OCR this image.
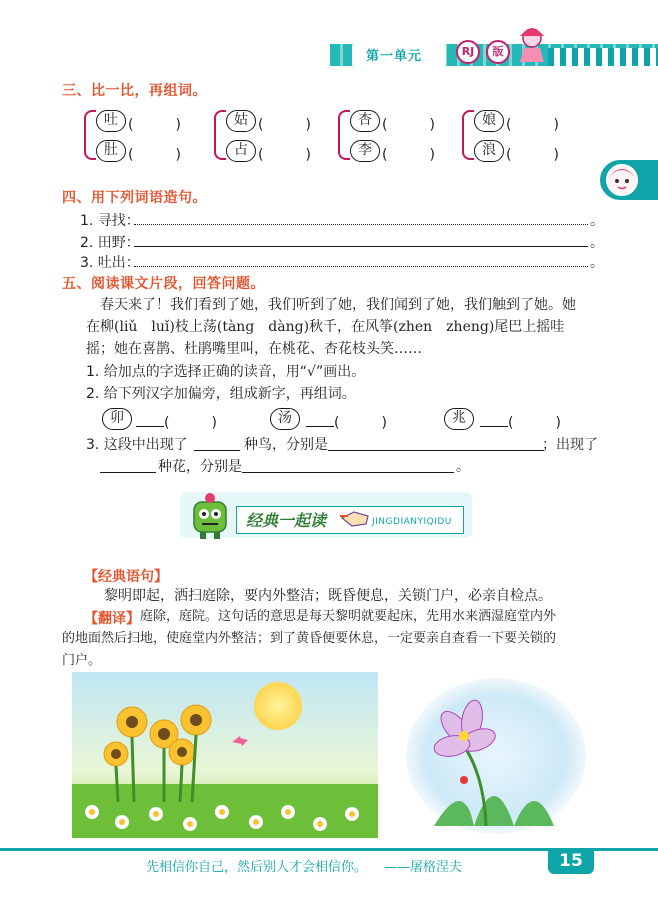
第一单元	RJ	版
三、比一比，再组词。
吐 (　　　)
肚 (　　　)
姑 (　　　)
占 (　　　)
杏 (　　　)
李 (　　　)
娘 (　　　)
浪 (　　　)
四、用下列词语造句。
1. 寻找：	。
2. 田野：	。
3. 吐出：	。
五、阅读课文片段，回答问题。
春天来了！我们看到了她，我们听到了她，我们闻到了她，我们触到了她。她
在柳(liǔ　luǐ)枝上荡(tàng　dàng)秋千，在风筝(zhen　zheng)尾巴上摇哇
摇；她在喜鹊、杜鹃嘴里叫，在桃花、杏花枝头笑……
1. 给加点的字选择正确的读音，用“√”画出。
2. 给下列汉字加偏旁，组成新字，再组词。
卯	(　　　)	汤	(　　　)	兆	(　　　)
3. 这段中出现了	种鸟，分别是	；出现了
种花，分别是	。
经典一起读	JINGDIANYIQIDU
【经典语句】
黎明即起，洒扫庭除，要内外整洁；既昏便息，关锁门户，必亲自检点。
【翻译】 庭除，庭院。这句话的意思是每天黎明就要起床，先用水来洒湿庭堂内外
的地面然后扫地，使庭堂内外整洁；到了黄昏便要休息，一定要亲自查看一下要关锁的
门户。
先相信你自己，然后别人才会相信你。 ——屠格涅夫	15
